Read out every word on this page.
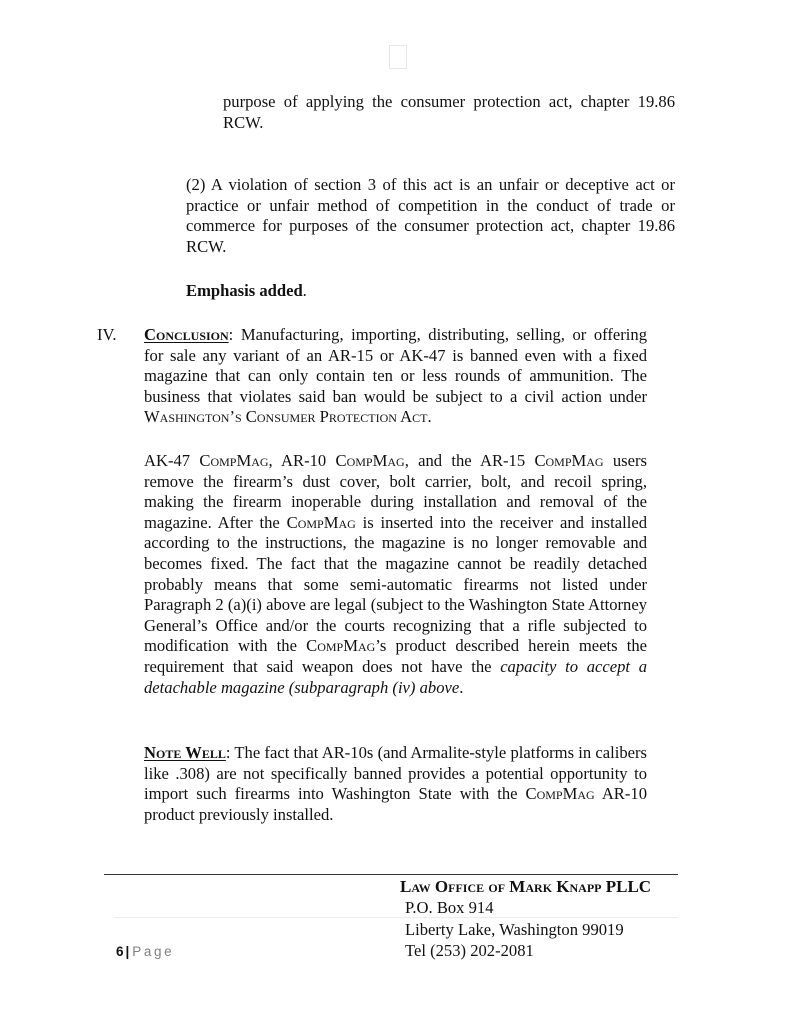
purpose of applying the consumer protection act, chapter 19.86 RCW.

(2) A violation of section 3 of this act is an unfair or deceptive act or practice or unfair method of competition in the conduct of trade or commerce for purposes of the consumer protection act, chapter 19.86 RCW.

Emphasis added.

IV. Conclusion: Manufacturing, importing, distributing, selling, or offering for sale any variant of an AR-15 or AK-47 is banned even with a fixed magazine that can only contain ten or less rounds of ammunition. The business that violates said ban would be subject to a civil action under Washington’s Consumer Protection Act.

AK-47 CompMag, AR-10 CompMag, and the AR-15 CompMag users remove the firearm’s dust cover, bolt carrier, bolt, and recoil spring, making the firearm inoperable during installation and removal of the magazine. After the CompMag is inserted into the receiver and installed according to the instructions, the magazine is no longer removable and becomes fixed. The fact that the magazine cannot be readily detached probably means that some semi-automatic firearms not listed under Paragraph 2 (a)(i) above are legal (subject to the Washington State Attorney General’s Office and/or the courts recognizing that a rifle subjected to modification with the CompMag’s product described herein meets the requirement that said weapon does not have the capacity to accept a detachable magazine (subparagraph (iv) above.

Note Well: The fact that AR-10s (and Armalite-style platforms in calibers like .308) are not specifically banned provides a potential opportunity to import such firearms into Washington State with the CompMag AR-10 product previously installed.

Law Office of Mark Knapp PLLC
P.O. Box 914
Liberty Lake, Washington 99019
Tel (253) 202-2081
6 | Page
